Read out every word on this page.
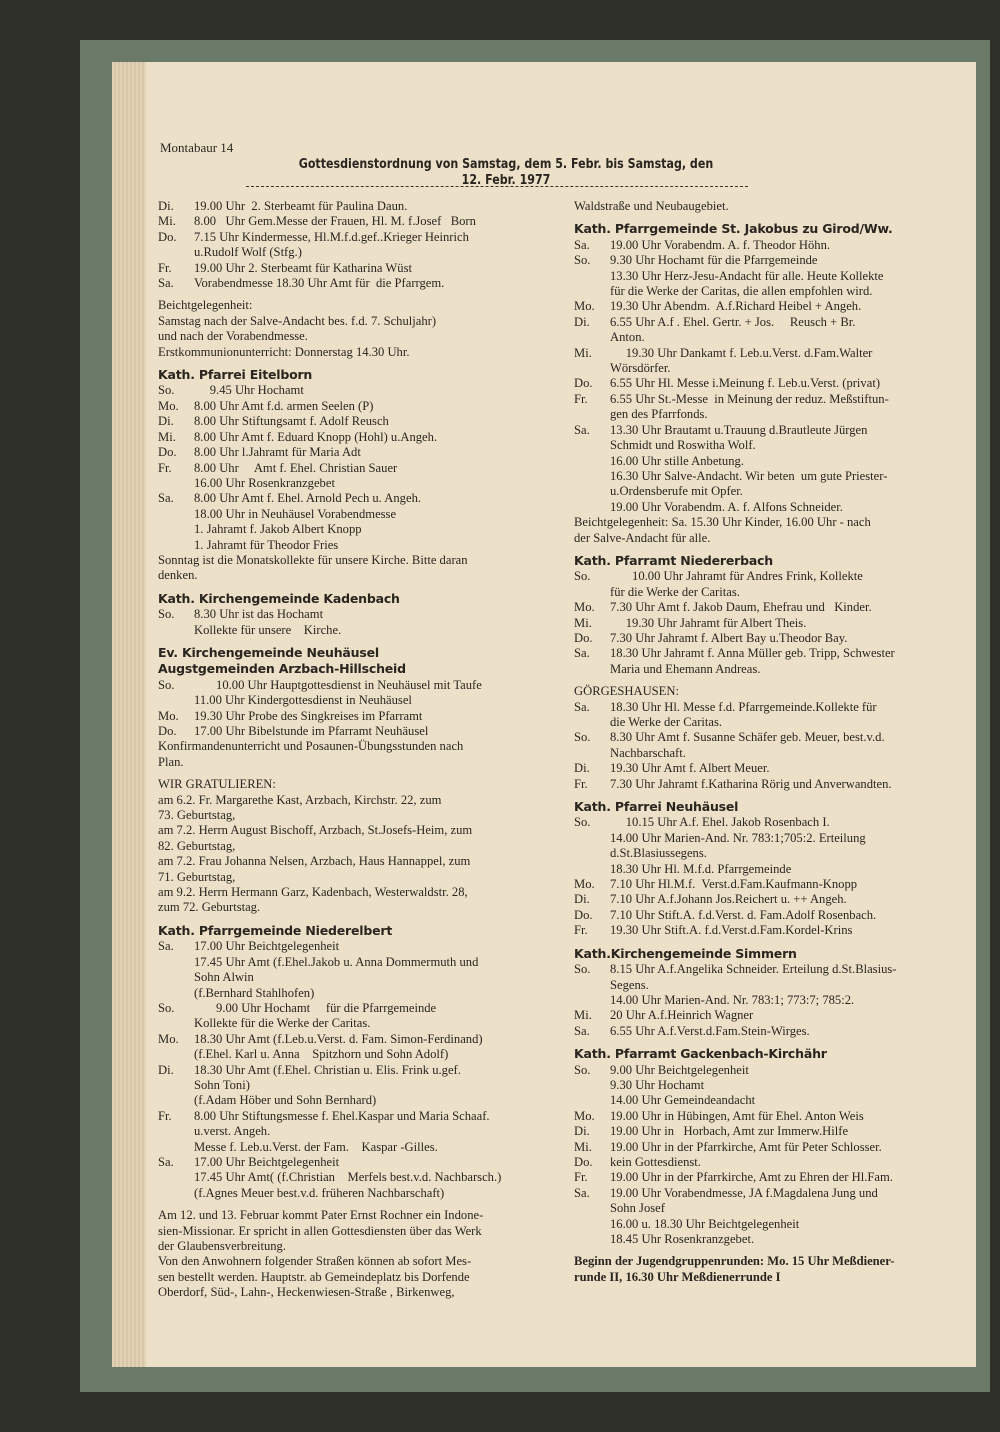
Montabaur 14
Gottesdienstordnung von Samstag, dem 5. Febr. bis Samstag, den 12. Febr. 1977
Di.	19.00 Uhr  2. Sterbeamt für Paulina Daun.
Mi.	8.00   Uhr Gem.Messe der Frauen, Hl. M. f.Josef   Born
Do.	7.15 Uhr Kindermesse, Hl.M.f.d.gef..Krieger Heinrich
u.Rudolf Wolf (Stfg.)
Fr.	19.00 Uhr 2. Sterbeamt für Katharina Wüst
Sa.	Vorabendmesse 18.30 Uhr Amt für  die Pfarrgem.
Beichtgelegenheit:
Samstag nach der Salve-Andacht bes. f.d. 7. Schuljahr)
und nach der Vorabendmesse.
Erstkommunionunterricht: Donnerstag 14.30 Uhr.
Kath. Pfarrei Eitelborn
So.	9.45 Uhr Hochamt
Mo.	8.00 Uhr Amt f.d. armen Seelen (P)
Di.	8.00 Uhr Stiftungsamt f. Adolf Reusch
Mi.	8.00 Uhr Amt f. Eduard Knopp (Hohl) u.Angeh.
Do.	8.00 Uhr l.Jahramt für Maria Adt
Fr.	8.00 Uhr     Amt f. Ehel. Christian Sauer
16.00 Uhr Rosenkranzgebet
Sa.	8.00 Uhr Amt f. Ehel. Arnold Pech u. Angeh.
18.00 Uhr in Neuhäusel Vorabendmesse
1. Jahramt f. Jakob Albert Knopp
1. Jahramt für Theodor Fries
Sonntag ist die Monatskollekte für unsere Kirche. Bitte daran
denken.
Kath. Kirchengemeinde Kadenbach
So.	8.30 Uhr ist das Hochamt
Kollekte für unsere    Kirche.
Ev. Kirchengemeinde Neuhäusel
Augstgemeinden Arzbach-Hillscheid
So.	10.00 Uhr Hauptgottesdienst in Neuhäusel mit Taufe
11.00 Uhr Kindergottesdienst in Neuhäusel
Mo.	19.30 Uhr Probe des Singkreises im Pfarramt
Do.	17.00 Uhr Bibelstunde im Pfarramt Neuhäusel
Konfirmandenunterricht und Posaunen-Übungsstunden nach
Plan.
WIR GRATULIEREN:
am 6.2. Fr. Margarethe Kast, Arzbach, Kirchstr. 22, zum
73. Geburtstag,
am 7.2. Herrn August Bischoff, Arzbach, St.Josefs-Heim, zum
82. Geburtstag,
am 7.2. Frau Johanna Nelsen, Arzbach, Haus Hannappel, zum
71. Geburtstag,
am 9.2. Herrn Hermann Garz, Kadenbach, Westerwaldstr. 28,
zum 72. Geburtstag.
Kath. Pfarrgemeinde Niederelbert
Sa.	17.00 Uhr Beichtgelegenheit
17.45 Uhr Amt (f.Ehel.Jakob u. Anna Dommermuth und
Sohn Alwin
(f.Bernhard Stahlhofen)
So.	9.00 Uhr Hochamt     für die Pfarrgemeinde
Kollekte für die Werke der Caritas.
Mo.	18.30 Uhr Amt (f.Leb.u.Verst. d. Fam. Simon-Ferdinand)
(f.Ehel. Karl u. Anna    Spitzhorn und Sohn Adolf)
Di.	18.30 Uhr Amt (f.Ehel. Christian u. Elis. Frink u.gef.
Sohn Toni)
(f.Adam Höber und Sohn Bernhard)
Fr.	8.00 Uhr Stiftungsmesse f. Ehel.Kaspar und Maria Schaaf.
u.verst. Angeh.
Messe f. Leb.u.Verst. der Fam.    Kaspar -Gilles.
Sa.	17.00 Uhr Beichtgelegenheit
17.45 Uhr Amt( (f.Christian    Merfels best.v.d. Nachbarsch.)
(f.Agnes Meuer best.v.d. früheren Nachbarschaft)
Am 12. und 13. Februar kommt Pater Ernst Rochner ein Indone-
sien-Missionar. Er spricht in allen Gottesdiensten über das Werk
der Glaubensverbreitung.
Von den Anwohnern folgender Straßen können ab sofort Mes-
sen bestellt werden. Hauptstr. ab Gemeindeplatz bis Dorfende
Oberdorf, Süd-, Lahn-, Heckenwiesen-Straße , Birkenweg,
Waldstraße und Neubaugebiet.
Kath. Pfarrgemeinde St. Jakobus zu Girod/Ww.
Sa.	19.00 Uhr Vorabendm. A. f. Theodor Höhn.
So.	9.30 Uhr Hochamt für die Pfarrgemeinde
13.30 Uhr Herz-Jesu-Andacht für alle. Heute Kollekte
für die Werke der Caritas, die allen empfohlen wird.
Mo.	19.30 Uhr Abendm.  A.f.Richard Heibel + Angeh.
Di.	6.55 Uhr A.f . Ehel. Gertr. + Jos.     Reusch + Br.
Anton.
Mi.	19.30 Uhr Dankamt f. Leb.u.Verst. d.Fam.Walter
Wörsdörfer.
Do.	6.55 Uhr Hl. Messe i.Meinung f. Leb.u.Verst. (privat)
Fr.	6.55 Uhr St.-Messe  in Meinung der reduz. Meßstiftun-
gen des Pfarrfonds.
Sa.	13.30 Uhr Brautamt u.Trauung d.Brautleute Jürgen
Schmidt und Roswitha Wolf.
16.00 Uhr stille Anbetung.
16.30 Uhr Salve-Andacht. Wir beten  um gute Priester-
u.Ordensberufe mit Opfer.
19.00 Uhr Vorabendm. A. f. Alfons Schneider.
Beichtgelegenheit: Sa. 15.30 Uhr Kinder, 16.00 Uhr - nach
der Salve-Andacht für alle.
Kath. Pfarramt Niedererbach
So.	10.00 Uhr Jahramt für Andres Frink, Kollekte
für die Werke der Caritas.
Mo.	7.30 Uhr Amt f. Jakob Daum, Ehefrau und   Kinder.
Mi.	19.30 Uhr Jahramt für Albert Theis.
Do.	7.30 Uhr Jahramt f. Albert Bay u.Theodor Bay.
Sa.	18.30 Uhr Jahramt f. Anna Müller geb. Tripp, Schwester
Maria und Ehemann Andreas.
GÖRGESHAUSEN:
Sa.	18.30 Uhr Hl. Messe f.d. Pfarrgemeinde.Kollekte für
die Werke der Caritas.
So.	8.30 Uhr Amt f. Susanne Schäfer geb. Meuer, best.v.d.
Nachbarschaft.
Di.	19.30 Uhr Amt f. Albert Meuer.
Fr.	7.30 Uhr Jahramt f.Katharina Rörig und Anverwandten.
Kath. Pfarrei Neuhäusel
So.	10.15 Uhr A.f. Ehel. Jakob Rosenbach I.
14.00 Uhr Marien-And. Nr. 783:1;705:2. Erteilung
d.St.Blasiussegens.
18.30 Uhr Hl. M.f.d. Pfarrgemeinde
Mo.	7.10 Uhr Hl.M.f.  Verst.d.Fam.Kaufmann-Knopp
Di.	7.10 Uhr A.f.Johann Jos.Reichert u. ++ Angeh.
Do.	7.10 Uhr Stift.A. f.d.Verst. d. Fam.Adolf Rosenbach.
Fr.	19.30 Uhr Stift.A. f.d.Verst.d.Fam.Kordel-Krins
Kath.Kirchengemeinde Simmern
So.	8.15 Uhr A.f.Angelika Schneider. Erteilung d.St.Blasius-
Segens.
14.00 Uhr Marien-And. Nr. 783:1; 773:7; 785:2.
Mi.	20 Uhr A.f.Heinrich Wagner
Sa.	6.55 Uhr A.f.Verst.d.Fam.Stein-Wirges.
Kath. Pfarramt Gackenbach-Kirchähr
So.	9.00 Uhr Beichtgelegenheit
9.30 Uhr Hochamt
14.00 Uhr Gemeindeandacht
Mo.	19.00 Uhr in Hübingen, Amt für Ehel. Anton Weis
Di.	19.00 Uhr in   Horbach, Amt zur Immerw.Hilfe
Mi.	19.00 Uhr in der Pfarrkirche, Amt für Peter Schlosser.
Do.	kein Gottesdienst.
Fr.	19.00 Uhr in der Pfarrkirche, Amt zu Ehren der Hl.Fam.
Sa.	19.00 Uhr Vorabendmesse, JA f.Magdalena Jung und
Sohn Josef
16.00 u. 18.30 Uhr Beichtgelegenheit
18.45 Uhr Rosenkranzgebet.
Beginn der Jugendgruppenrunden: Mo. 15 Uhr Meßdiener-
runde II, 16.30 Uhr Meßdienerrunde I
